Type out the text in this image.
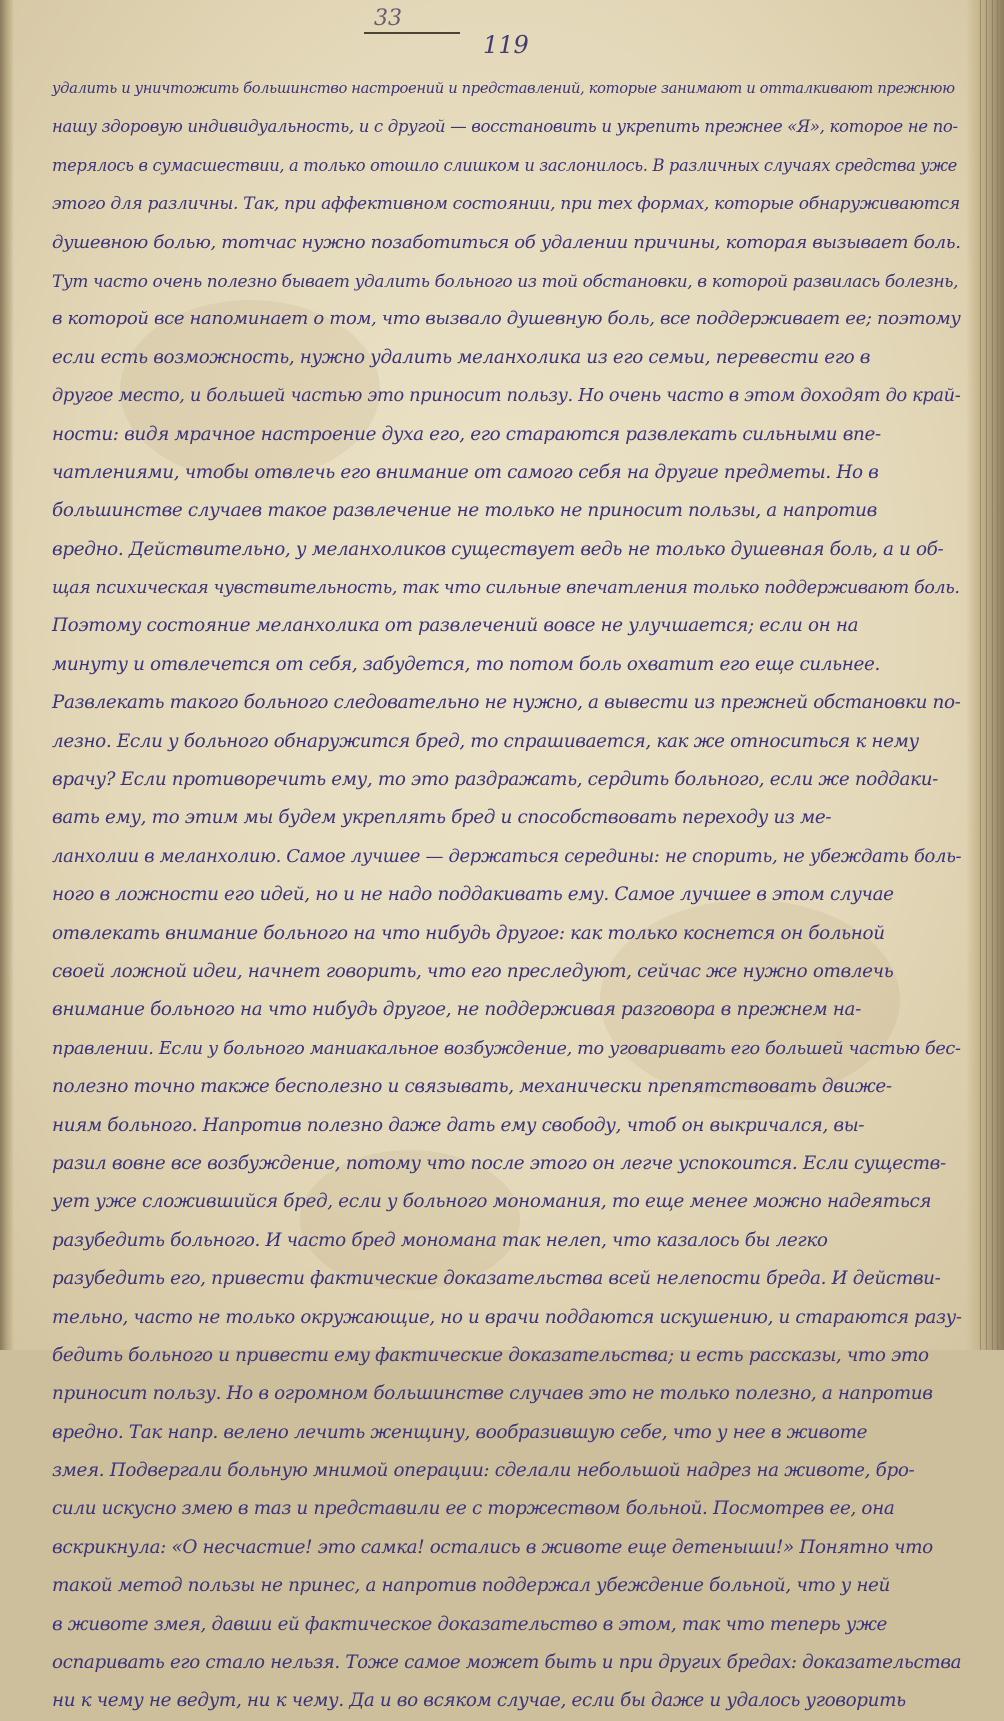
33
119
удалить и уничтожить большинство настроений и представлений, которые занимают и отталкивают прежнюю
нашу здоровую индивидуальность, и с другой — восстановить и укрепить прежнее «Я», которое не по-
терялось в сумасшествии, а только отошло слишком и заслонилось. В различных случаях средства уже
этого для различны. Так, при аффективном состоянии, при тех формах, которые обнаруживаются
душевною болью, тотчас нужно позаботиться об удалении причины, которая вызывает боль.
Тут часто очень полезно бывает удалить больного из той обстановки, в которой развилась болезнь,
в которой все напоминает о том, что вызвало душевную боль, все поддерживает ее; поэтому
если есть возможность, нужно удалить меланхолика из его семьи, перевести его в
другое место, и большей частью это приносит пользу. Но очень часто в этом доходят до край-
ности: видя мрачное настроение духа его, его стараются развлекать сильными впе-
чатлениями, чтобы отвлечь его внимание от самого себя на другие предметы. Но в
большинстве случаев такое развлечение не только не приносит пользы, а напротив
вредно. Действительно, у меланхоликов существует ведь не только душевная боль, а и об-
щая психическая чувствительность, так что сильные впечатления только поддерживают боль.
Поэтому состояние меланхолика от развлечений вовсе не улучшается; если он на
минуту и отвлечется от себя, забудется, то потом боль охватит его еще сильнее.
Развлекать такого больного следовательно не нужно, а вывести из прежней обстановки по-
лезно. Если у больного обнаружится бред, то спрашивается, как же относиться к нему
врачу? Если противоречить ему, то это раздражать, сердить больного, если же поддаки-
вать ему, то этим мы будем укреплять бред и способствовать переходу из ме-
ланхолии в меланхолию. Самое лучшее — держаться середины: не спорить, не убеждать боль-
ного в ложности его идей, но и не надо поддакивать ему. Самое лучшее в этом случае
отвлекать внимание больного на что нибудь другое: как только коснется он больной
своей ложной идеи, начнет говорить, что его преследуют, сейчас же нужно отвлечь
внимание больного на что нибудь другое, не поддерживая разговора в прежнем на-
правлении. Если у больного маниакальное возбуждение, то уговаривать его большей частью бес-
полезно точно также бесполезно и связывать, механически препятствовать движе-
ниям больного. Напротив полезно даже дать ему свободу, чтоб он выкричался, вы-
разил вовне все возбуждение, потому что после этого он легче успокоится. Если существ-
ует уже сложившийся бред, если у больного мономания, то еще менее можно надеяться
разубедить больного. И часто бред мономана так нелеп, что казалось бы легко
разубедить его, привести фактические доказательства всей нелепости бреда. И действи-
тельно, часто не только окружающие, но и врачи поддаются искушению, и стараются разу-
бедить больного и привести ему фактические доказательства; и есть рассказы, что это
приносит пользу. Но в огромном большинстве случаев это не только полезно, а напротив
вредно. Так напр. велено лечить женщину, вообразившую себе, что у нее в животе
змея. Подвергали больную мнимой операции: сделали небольшой надрез на животе, бро-
сили искусно змею в таз и представили ее с торжеством больной. Посмотрев ее, она
вскрикнула: «О несчастие! это самка! остались в животе еще детеныши!» Понятно что
такой метод пользы не принес, а напротив поддержал убеждение больной, что у ней
в животе змея, давши ей фактическое доказательство в этом, так что теперь уже
оспаривать его стало нельзя. Тоже самое может быть и при других бредах: доказательства
ни к чему не ведут, ни к чему. Да и во всяком случае, если бы даже и удалось уговорить
